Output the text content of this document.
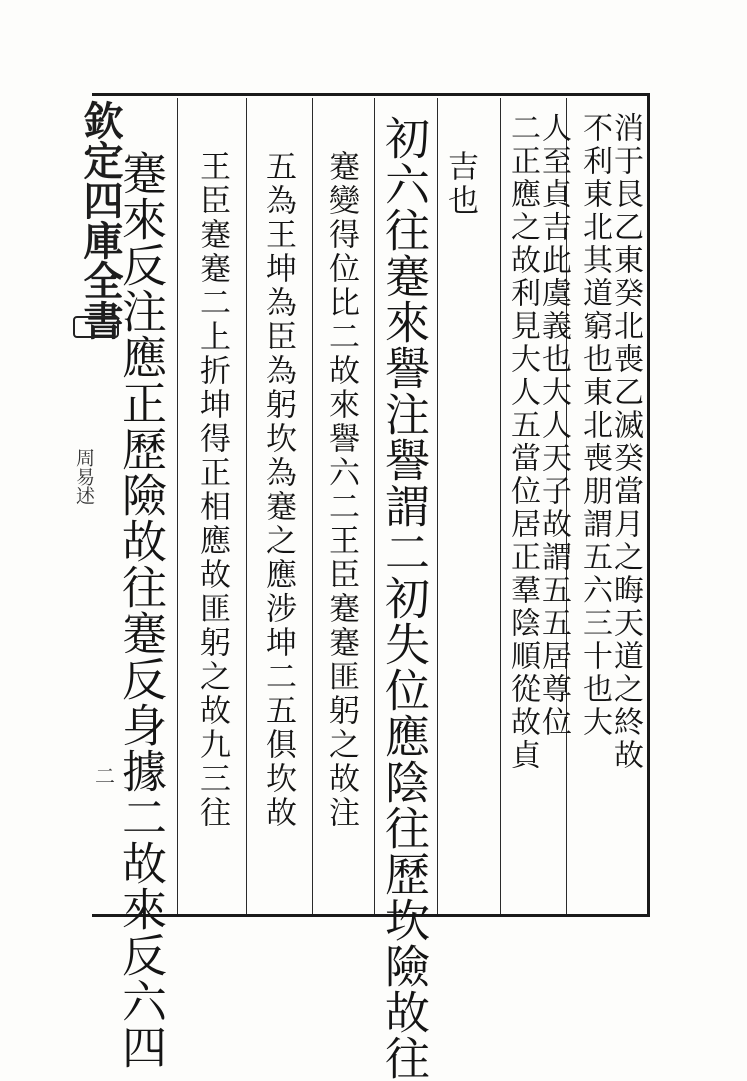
欽定四庫全書
周易述
二
消于艮乙東癸北喪乙滅癸當月之晦天道之終故
不利東北其道窮也東北喪朋謂五六三十也大
人至貞吉此虞義也大人天子故謂五五居尊位
二正應之故利見大人五當位居正羣陰順從故貞
吉也
初六往蹇來譽注譽謂二初失位應陰往歷坎險故往
蹇變得位比二故來譽六二王臣蹇蹇匪躬之故注
五為王坤為臣為躬坎為蹇之應涉坤二五俱坎故
王臣蹇蹇二上折坤得正相應故匪躬之故九三往
蹇來反注應正歷險故往蹇反身據二故來反六四
